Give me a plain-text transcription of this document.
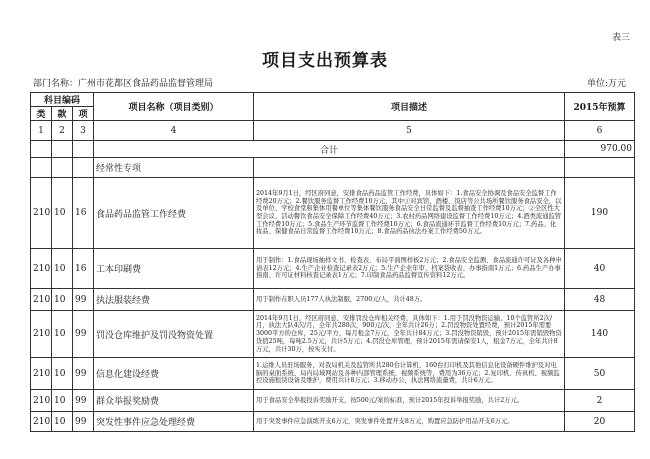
表三
项目支出预算表
部门名称：广州市花都区食品药品监督管理局	单位:万元
科目编码			项目名称（项目类别）	项目描述	2015年预算
类	款	项			
1	2	3	4	5	6
			合计		970.00
			经常性专项		
210	10	16	食品药品监管工作经费	2014年9月1日，经区府同意，安排食品药品监管工作经费，具体如下：1.食品安全协调及食品安全监督工作经费20万元；2.餐饮服务监督工作经费10万元，其中①对宾馆、酒楼、饭店等公共场所餐饮服务食品安全，以及单位、学校食堂和集体用餐单位等集体餐饮服务食品安全日常监督及监督抽查工作经费10万元；②全区性大型会议、活动餐饮食品安全保障工作经费40万元；3.农村药品网络建设监督工作经费10万元；4.酒类流通监管工作经费10万元；5.食品生产环节监督工作经费10万元；6.食品流通环节监督工作经费10万元；7.药品、化妆品、保健食品日常监督工作经费10万元；8.食品药品执法办案工作经费50万元。	190
210	10	16	工本印刷费	用于制作：1.食品现场抽样文书、检查表、布局平面图样板2万元；2.食品安全监测、食品流通许可证及各种申请表12万元；4.生产企业检查记录表2万元；5.生产企业年审、档案袋收表、办事指南1万元；6.药品生产办事指南、许可证材料核查记录表1万元；7.印制食品药品监督宣传资料12万元。	40
210	10	99	执法服装经费	用于制作在职人员177人执法制服，2700元/人，共计48万。	48
210	10	99	罚没仓库维护及罚没物资处置	2014年9月1日，经区府同意，安排罚没仓库相关经费，具体如下：1.用于罚没物资运输，10个监管所2次/月，执法大队4次/月，全年共288次，900元/次，全年共计26万；2.罚没物资处置经费，预计2015年需要3000平方的仓库，25元/平方，每月租金7万元，全年共计84万元；3.罚没物资销毁，预计2015年需销毁物资货值25吨，每吨2.5万元，共计5万元；4.罚没仓库管理，预计2015年需请保安1人，租金7万元，全年共计8万元，共计30万，按实支付。	140
210	10	99	信息化建设经费	1.运维人员驻场服务，对我局机关及监管所共280台计算机、160台打印机及其他信息化设备硬件维护及对电脑的桌面系统、局内局域网站及各种内部管理系统、视频系统等，费用为36万元；2.复印机、传真机、视频监控设施租赁设备及维护，费用共计8万元；3.移动办公，执法网络流量费，共计6万元。	50
210	10	99	群众举报奖励费	用于食品安全举报投诉奖励开支，按500元/案的标准，预计2015年投诉举报奖励，共计2万元。	2
210	10	99	突发性事件应急处理经费	用于突发事件应急演练开支6万元，突发事件处置开支8万元，购置应急防护用品开支6万元。	20
